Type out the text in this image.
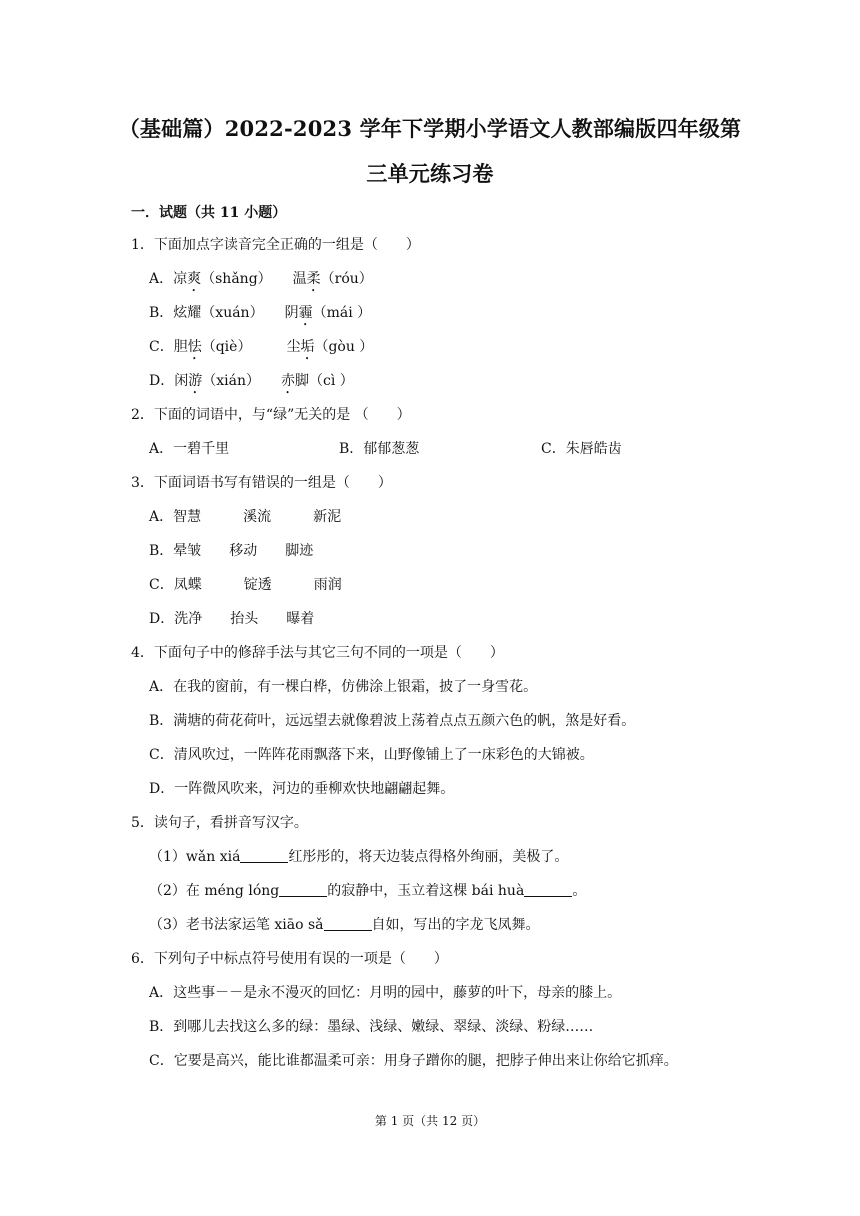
（基础篇）2022-2023 学年下学期小学语文人教部编版四年级第
三单元练习卷
一．试题（共 11 小题）
1．下面加点字读音完全正确的一组是（　　）
A．凉爽（shǎng）　　温柔（róu）
B．炫耀（xuán）　　阴霾（mái ）
C．胆怯（qiè）　　　尘垢（gòu ）
D．闲游（xián）　　赤脚（cì ）
2．下面的词语中，与“绿”无关的是 （　　）
A．一碧千里	B．郁郁葱葱	C．朱唇皓齿
3．下面词语书写有错误的一组是（　　）
A．智慧　　　溪流　　　新泥
B．晕皱　　移动　　脚迹
C．凤蝶　　　锭透　　　雨润
D．洗净　　抬头　　曝着
4．下面句子中的修辞手法与其它三句不同的一项是（　　）
A．在我的窗前，有一棵白桦，仿佛涂上银霜，披了一身雪花。
B．满塘的荷花荷叶，远远望去就像碧波上荡着点点五颜六色的帆，煞是好看。
C．清风吹过，一阵阵花雨飘落下来，山野像铺上了一床彩色的大锦被。
D．一阵微风吹来，河边的垂柳欢快地翩翩起舞。
5．读句子，看拼音写汉字。
（1）wǎn xiá	红彤彤的，将天边装点得格外绚丽，美极了。
（2）在 méng lóng	的寂静中，玉立着这棵 bái huà	。
（3）老书法家运笔 xiāo sǎ	自如，写出的字龙飞凤舞。
6．下列句子中标点符号使用有误的一项是（　　）
A．这些事－－是永不漫灭的回忆：月明的园中，藤萝的叶下，母亲的膝上。
B．到哪儿去找这么多的绿：墨绿、浅绿、嫩绿、翠绿、淡绿、粉绿……
C．它要是高兴，能比谁都温柔可亲：用身子蹭你的腿，把脖子伸出来让你给它抓痒。
第 1 页（共 12 页）
